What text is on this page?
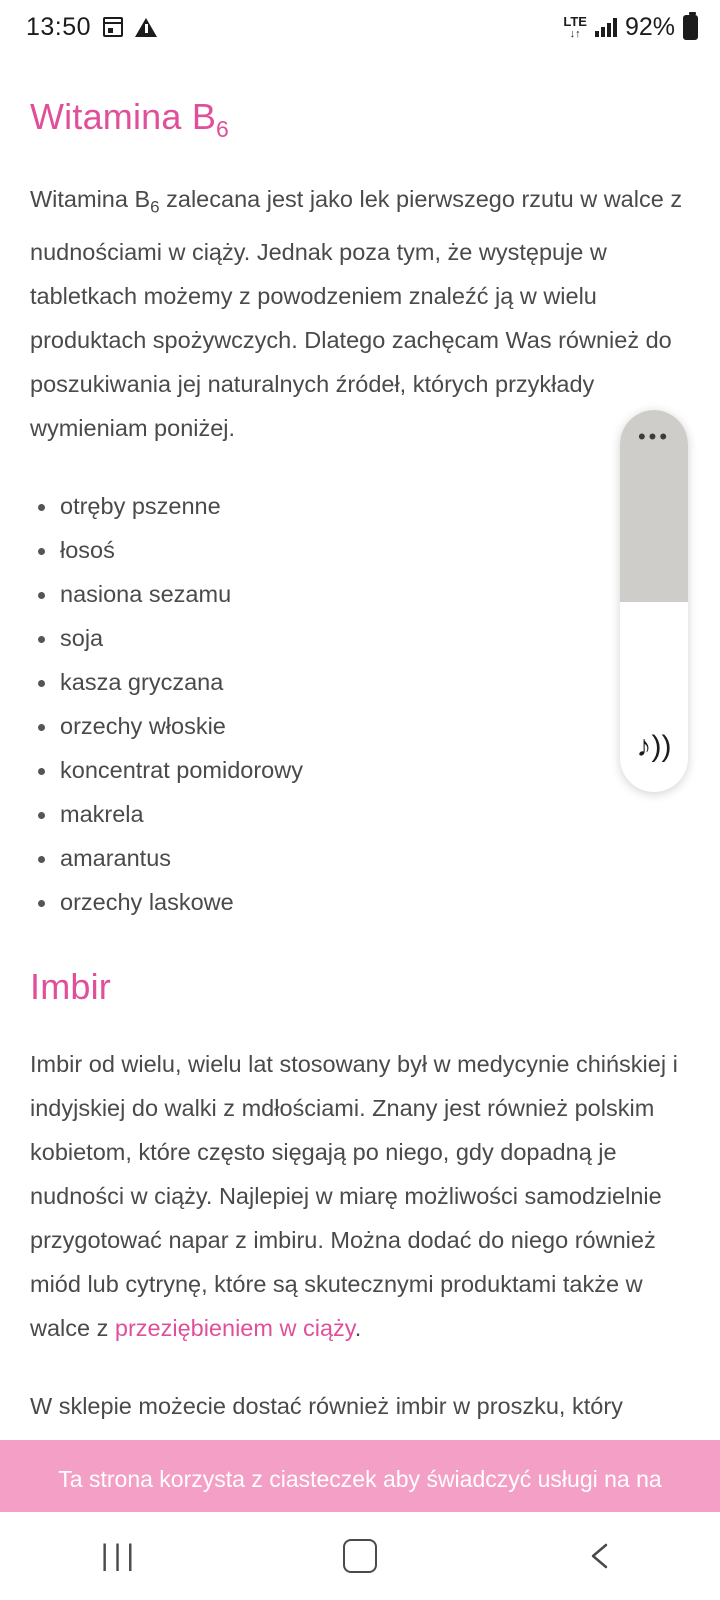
13:50	LTE
↓↑ 92%
Witamina $B_6$

Witamina $B_6$ zalecana jest jako lek pierwszego rzutu w walce z nudnościami w ciąży. Jednak poza tym, że występuje w tabletkach możemy z powodzeniem znaleźć ją w wielu produktach spożywczych. Dlatego zachęcam Was również do poszukiwania jej naturalnych źródeł, których przykłady wymieniam poniżej.

otręby pszenne
łosoś
nasiona sezamu
soja
kasza gryczana
orzechy włoskie
koncentrat pomidorowy
makrela
amarantus
orzechy laskowe
Imbir

Imbir od wielu, wielu lat stosowany był w medycynie chińskiej i indyjskiej do walki z mdłościami. Znany jest również polskim kobietom, które często sięgają po niego, gdy dopadną je nudności w ciąży. Najlepiej w miarę możliwości samodzielnie przygotować napar z imbiru. Można dodać do niego również miód lub cytrynę, które są skutecznymi produktami także w walce z przeziębieniem w ciąży.

W sklepie możecie dostać również imbir w proszku, który

•••
♪))
Ta strona korzysta z ciasteczek aby świadczyć usługi na na
|||
